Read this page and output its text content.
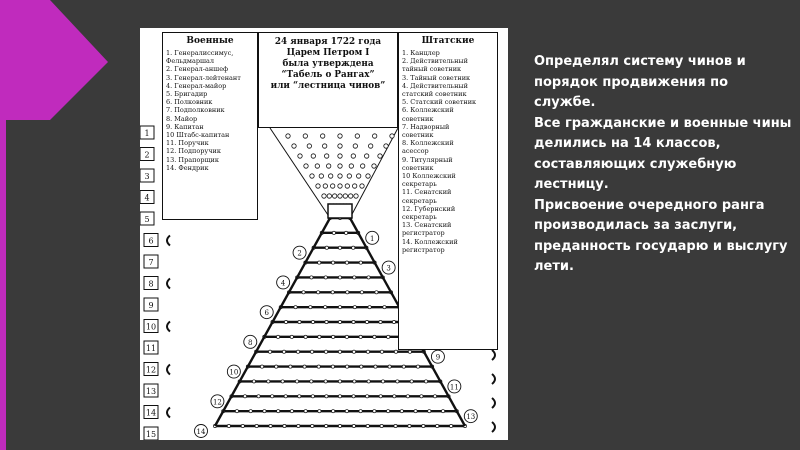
1
2
3
4
5
6
7
8
9
10
11
12
13
14
15
2
4
6
8
10
12
14
1
3
9
11
13
Военные
1. Генералиссимус,
Фельдмаршал
2. Генерал-аншеф
3. Генерал-лейтенант
4. Генерал-майор
5. Бригадир
6. Полковник
7. Подполковник
8. Майор
9. Капитан
10 Штабс-капитан
11. Поручик
12. Подпоручик
13. Прапорщик
14. Фендрик
24 января 1722 года
Царем Петром I
была утверждена
“Табель о Рангах”
или “лестница чинов”
Штатские
1. Канцлер
2. Действительный
тайный советник
3. Тайный советник
4. Действительный
статский советник
5. Статский советник
6. Коллежский
советник
7. Надворный
советник
8. Коллежский
асессор
9. Титулярный
советник
10 Коллежский
секретарь
11. Сенатский
секретарь
12. Губернский
секретарь
13. Сенатский
регистратор
14. Коллежский
регистратор
Определял систему чинов и порядок продвижения по службе.
Все гражданские и военные чины делились на 14 классов, составляющих служебную лестницу.
Присвоение очередного ранга производилась за заслуги, преданность государю и выслугу лети.
